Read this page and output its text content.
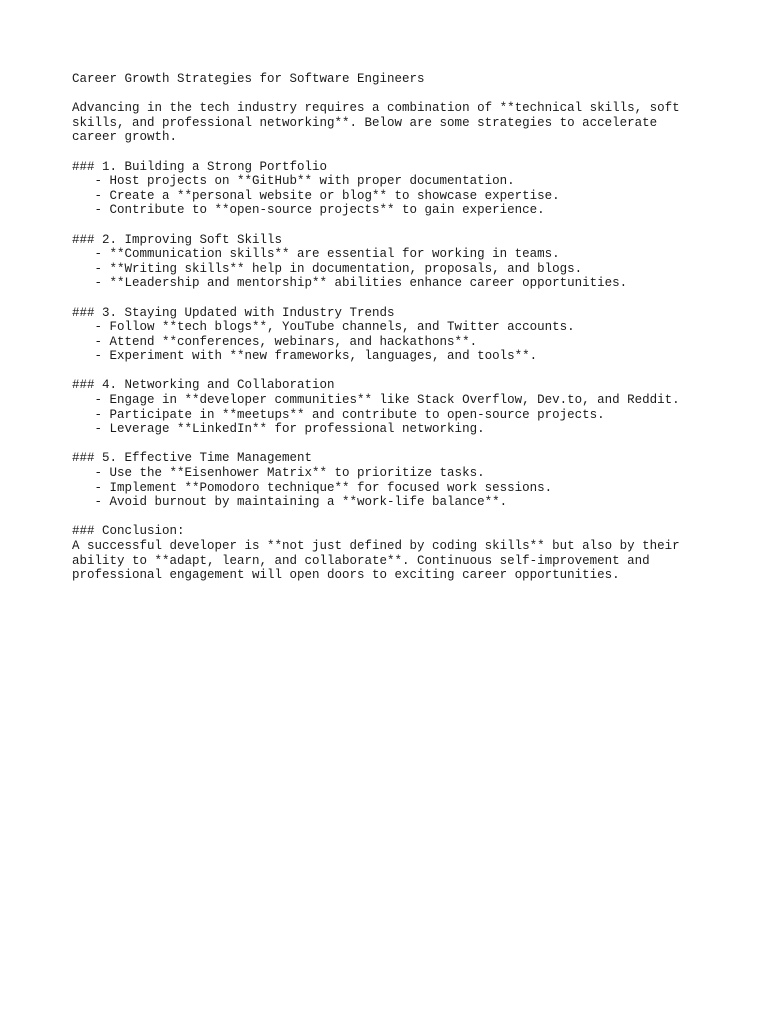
Career Growth Strategies for Software Engineers
Advancing in the tech industry requires a combination of **technical skills, soft
skills, and professional networking**. Below are some strategies to accelerate
career growth.
### 1. Building a Strong Portfolio
- Host projects on **GitHub** with proper documentation.
- Create a **personal website or blog** to showcase expertise.
- Contribute to **open-source projects** to gain experience.
### 2. Improving Soft Skills
- **Communication skills** are essential for working in teams.
- **Writing skills** help in documentation, proposals, and blogs.
- **Leadership and mentorship** abilities enhance career opportunities.
### 3. Staying Updated with Industry Trends
- Follow **tech blogs**, YouTube channels, and Twitter accounts.
- Attend **conferences, webinars, and hackathons**.
- Experiment with **new frameworks, languages, and tools**.
### 4. Networking and Collaboration
- Engage in **developer communities** like Stack Overflow, Dev.to, and Reddit.
- Participate in **meetups** and contribute to open-source projects.
- Leverage **LinkedIn** for professional networking.
### 5. Effective Time Management
- Use the **Eisenhower Matrix** to prioritize tasks.
- Implement **Pomodoro technique** for focused work sessions.
- Avoid burnout by maintaining a **work-life balance**.
### Conclusion:
A successful developer is **not just defined by coding skills** but also by their
ability to **adapt, learn, and collaborate**. Continuous self-improvement and
professional engagement will open doors to exciting career opportunities.
